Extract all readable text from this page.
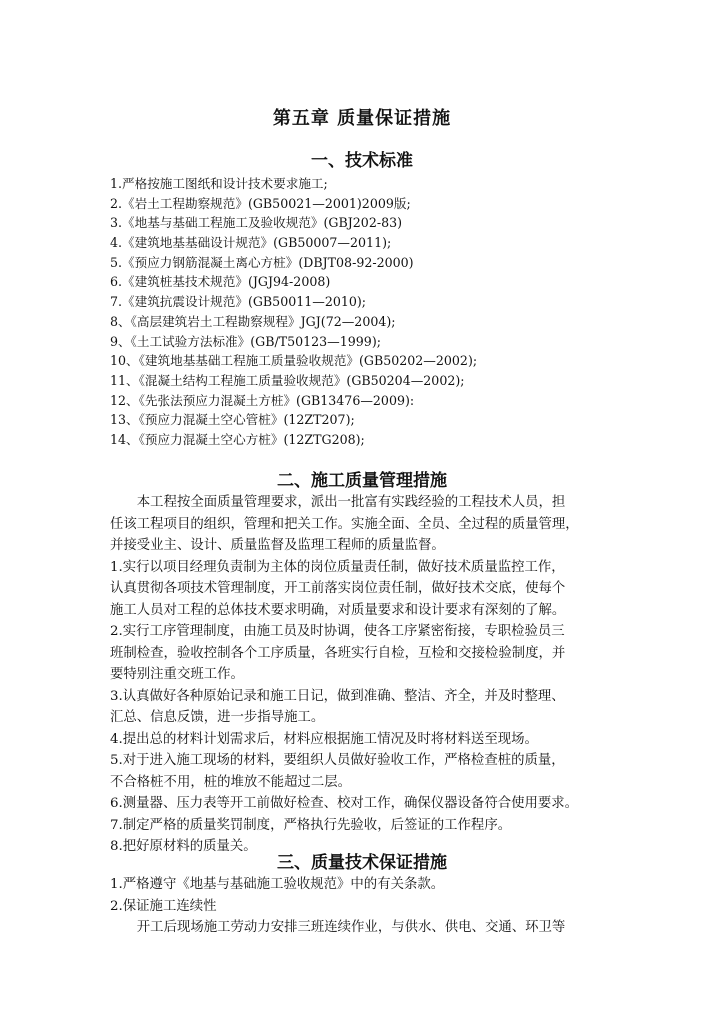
第五章 质量保证措施
一、技术标准
1.严格按施工图纸和设计技术要求施工;
2.《岩土工程勘察规范》(GB50021—2001)2009版;
3.《地基与基础工程施工及验收规范》(GBJ202-83)
4.《建筑地基基础设计规范》(GB50007—2011);
5.《预应力钢筋混凝土离心方桩》(DBJT08-92-2000)
6.《建筑桩基技术规范》(JGJ94-2008)
7.《建筑抗震设计规范》(GB50011—2010);
8、《高层建筑岩土工程勘察规程》JGJ(72—2004);
9、《土工试验方法标准》(GB/T50123—1999);
10、《建筑地基基础工程施工质量验收规范》(GB50202—2002);
11、《混凝土结构工程施工质量验收规范》(GB50204—2002);
12、《先张法预应力混凝土方桩》(GB13476—2009):
13、《预应力混凝土空心管桩》(12ZT207);
14、《预应力混凝土空心方桩》(12ZTG208);
二、施工质量管理措施

本工程按全面质量管理要求，派出一批富有实践经验的工程技术人员，担

任该工程项目的组织，管理和把关工作。实施全面、全员、全过程的质量管理，

并接受业主、设计、质量监督及监理工程师的质量监督。

1.实行以项目经理负责制为主体的岗位质量责任制，做好技术质量监控工作，

认真贯彻各项技术管理制度，开工前落实岗位责任制，做好技术交底，使每个

施工人员对工程的总体技术要求明确，对质量要求和设计要求有深刻的了解。

2.实行工序管理制度，由施工员及时协调，使各工序紧密衔接，专职检验员三

班制检查，验收控制各个工序质量，各班实行自检，互检和交接检验制度，并

要特别注重交班工作。

3.认真做好各种原始记录和施工日记，做到准确、整洁、齐全，并及时整理、

汇总、信息反馈，进一步指导施工。

4.提出总的材料计划需求后，材料应根据施工情况及时将材料送至现场。

5.对于进入施工现场的材料，要组织人员做好验收工作，严格检查桩的质量，

不合格桩不用，桩的堆放不能超过二层。

6.测量器、压力表等开工前做好检查、校对工作，确保仪器设备符合使用要求。

7.制定严格的质量奖罚制度，严格执行先验收，后签证的工作程序。

8.把好原材料的质量关。

三、质量技术保证措施

1.严格遵守《地基与基础施工验收规范》中的有关条款。

2.保证施工连续性

开工后现场施工劳动力安排三班连续作业，与供水、供电、交通、环卫等
